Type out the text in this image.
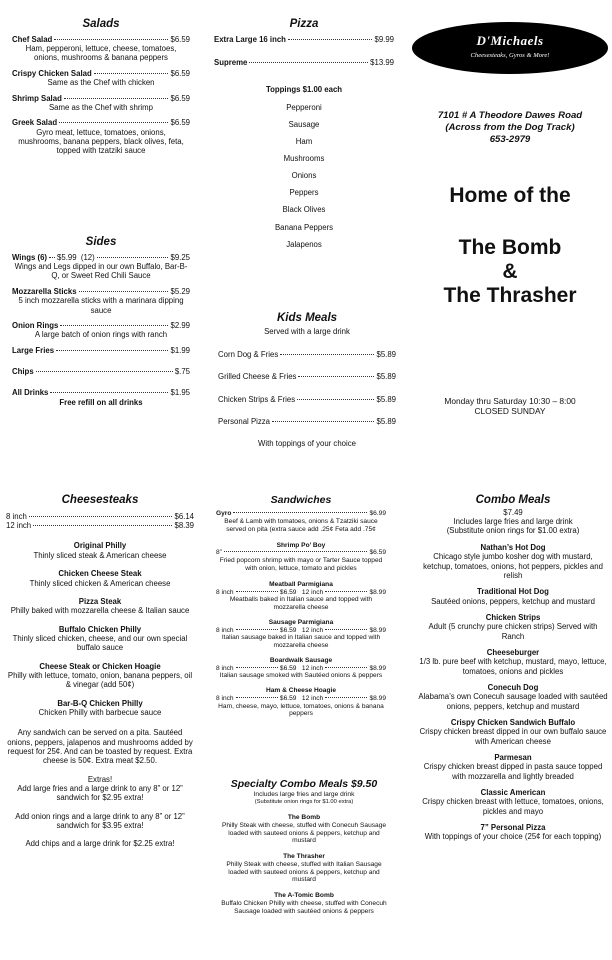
Salads
Chef Salad	$6.59
Ham, pepperoni, lettuce, cheese, tomatoes, onions, mushrooms & banana peppers
Crispy Chicken Salad	$6.59
Same as the Chef with chicken
Shrimp Salad	$6.59
Same as the Chef with shrimp
Greek Salad	$6.59
Gyro meat, lettuce, tomatoes, onions, mushrooms, banana peppers, black olives, feta, topped with tzatziki sauce
Sides
Wings (6) $5.99
(12)	$9.25
Wings and Legs dipped in our own Buffalo, Bar-B-Q, or Sweet Red Chili Sauce
Mozzarella Sticks	$5.29
5 inch mozzarella sticks with a marinara dipping sauce
Onion Rings	$2.99
A large batch of onion rings with ranch
Large Fries	$1.99
Chips	$.75
All Drinks	$1.95
Free refill on all drinks
Pizza
Extra Large 16 inch	$9.99
Supreme	$13.99
Toppings $1.00 each
Pepperoni
Sausage
Ham
Mushrooms
Onions
Peppers
Black Olives
Banana Peppers
Jalapenos
Kids Meals
Served with a large drink
Corn Dog & Fries	$5.89
Grilled Cheese & Fries	$5.89
Chicken Strips & Fries	$5.89
Personal Pizza	$5.89
With toppings of your choice
D'Michaels
Cheesesteaks, Gyros & More!
7101 # A Theodore Dawes Road
(Across from the Dog Track)
653-2979
Home of the
The Bomb
&
The Thrasher
Monday thru Saturday 10:30 – 8:00
CLOSED SUNDAY
Cheesesteaks
8 inch	$6.14
12 inch	$8.39
Original Philly
Thinly sliced steak & American cheese
Chicken Cheese Steak
Thinly sliced chicken & American cheese
Pizza Steak
Philly baked with mozzarella cheese & Italian sauce
Buffalo Chicken Philly
Thinly sliced chicken, cheese, and our own special buffalo sauce
Cheese Steak or Chicken Hoagie
Philly with lettuce, tomato, onion, banana peppers, oil & vinegar (add 50¢)
Bar-B-Q Chicken Philly
Chicken Philly with barbecue sauce
Any sandwich can be served on a pita. Sautéed onions, peppers, jalapenos and mushrooms added by request for 25¢. And can be toasted by request. Extra cheese is 50¢. Extra meat $2.50.
Extras!
Add large fries and a large drink to any 8” or 12” sandwich for $2.95 extra!
Add onion rings and a large drink to any 8” or 12” sandwich for $3.95 extra!
Add chips and a large drink for $2.25 extra!
Sandwiches
Gyro	$6.99
Beef & Lamb with tomatoes, onions & Tzatziki sauce served on pita (extra sauce add .25¢ Feta add .75¢
Shrimp Po’ Boy
8”	$6.59
Fried popcorn shrimp with mayo or Tarter Sauce topped with onion, lettuce, tomato and pickles
Meatball Parmigiana
8 inch	$6.59
12 inch	$8.99
Meatballs baked in Italian sauce and topped with mozzarella cheese
Sausage Parmigiana
8 inch	$6.59
12 inch	$8.99
Italian sausage baked in Italian sauce and topped with mozzarella cheese
Boardwalk Sausage
8 inch	$6.59
12 inch	$8.99
Italian sausage smoked with Sautéed onions & peppers
Ham & Cheese Hoagie
8 inch	$6.59
12 inch	$8.99
Ham, cheese, mayo, lettuce, tomatoes, onions & banana peppers
Specialty Combo Meals $9.50
Includes large fries and large drink
(Substitute onion rings for $1.00 extra)
The Bomb
Philly Steak with cheese, stuffed with Conecuh Sausage loaded with sauteed onions & peppers, ketchup and mustard
The Thrasher
Philly Steak with cheese, stuffed with Italian Sausage loaded with sauteed onions & peppers, ketchup and mustard
The A-Tomic Bomb
Buffalo Chicken Philly with cheese, stuffed with Conecuh Sausage loaded with sautéed onions & peppers
Combo Meals
$7.49
Includes large fries and large drink
(Substitute onion rings for $1.00 extra)
Nathan’s Hot Dog
Chicago style jumbo kosher dog with mustard, ketchup, tomatoes, onions, hot peppers, pickles and relish
Traditional Hot Dog
Sautéed onions, peppers, ketchup and mustard
Chicken Strips
Adult (5 crunchy pure chicken strips) Served with Ranch
Cheeseburger
1/3 lb. pure beef with ketchup, mustard, mayo, lettuce, tomatoes, onions and pickles
Conecuh Dog
Alabama’s own Conecuh sausage loaded with sautéed onions, peppers, ketchup and mustard
Crispy Chicken Sandwich Buffalo
Crispy chicken breast dipped in our own buffalo sauce with American cheese
Parmesan
Crispy chicken breast dipped in pasta sauce topped with mozzarella and lightly breaded
Classic American
Crispy chicken breast with lettuce, tomatoes, onions, pickles and mayo
7” Personal Pizza
With toppings of your choice (25¢ for each topping)
